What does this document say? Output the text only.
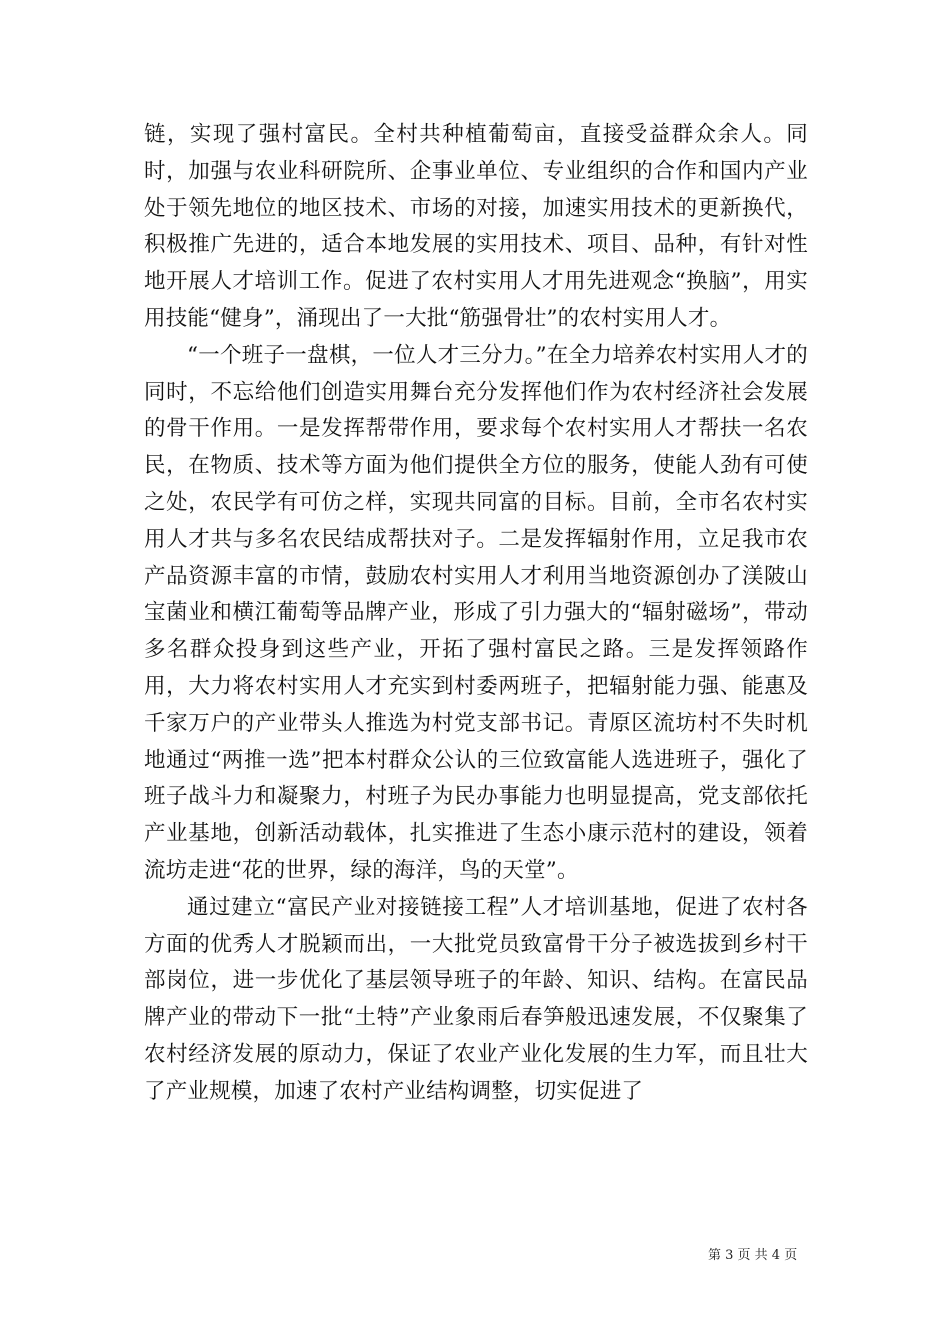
链，实现了强村富民。全村共种植葡萄亩，直接受益群众余人。同时，加强与农业科研院所、企事业单位、专业组织的合作和国内产业处于领先地位的地区技术、市场的对接，加速实用技术的更新换代，积极推广先进的，适合本地发展的实用技术、项目、品种，有针对性地开展人才培训工作。促进了农村实用人才用先进观念“换脑”，用实用技能“健身”，涌现出了一大批“筋强骨壮”的农村实用人才。

“一个班子一盘棋，一位人才三分力。”在全力培养农村实用人才的同时，不忘给他们创造实用舞台充分发挥他们作为农村经济社会发展的骨干作用。一是发挥帮带作用，要求每个农村实用人才帮扶一名农民，在物质、技术等方面为他们提供全方位的服务，使能人劲有可使之处，农民学有可仿之样，实现共同富的目标。目前，全市名农村实用人才共与多名农民结成帮扶对子。二是发挥辐射作用，立足我市农产品资源丰富的市情，鼓励农村实用人才利用当地资源创办了渼陂山宝菌业和横江葡萄等品牌产业，形成了引力强大的“辐射磁场”，带动多名群众投身到这些产业，开拓了强村富民之路。三是发挥领路作用，大力将农村实用人才充实到村委两班子，把辐射能力强、能惠及千家万户的产业带头人推选为村党支部书记。青原区流坊村不失时机地通过“两推一选”把本村群众公认的三位致富能人选进班子，强化了班子战斗力和凝聚力，村班子为民办事能力也明显提高，党支部依托产业基地，创新活动载体，扎实推进了生态小康示范村的建设，领着流坊走进“花的世界，绿的海洋，鸟的天堂”。

通过建立“富民产业对接链接工程”人才培训基地，促进了农村各方面的优秀人才脱颖而出，一大批党员致富骨干分子被选拔到乡村干部岗位，进一步优化了基层领导班子的年龄、知识、结构。在富民品牌产业的带动下一批“土特”产业象雨后春笋般迅速发展，不仅聚集了农村经济发展的原动力，保证了农业产业化发展的生力军，而且壮大了产业规模，加速了农村产业结构调整，切实促进了

第 3 页 共 4 页
